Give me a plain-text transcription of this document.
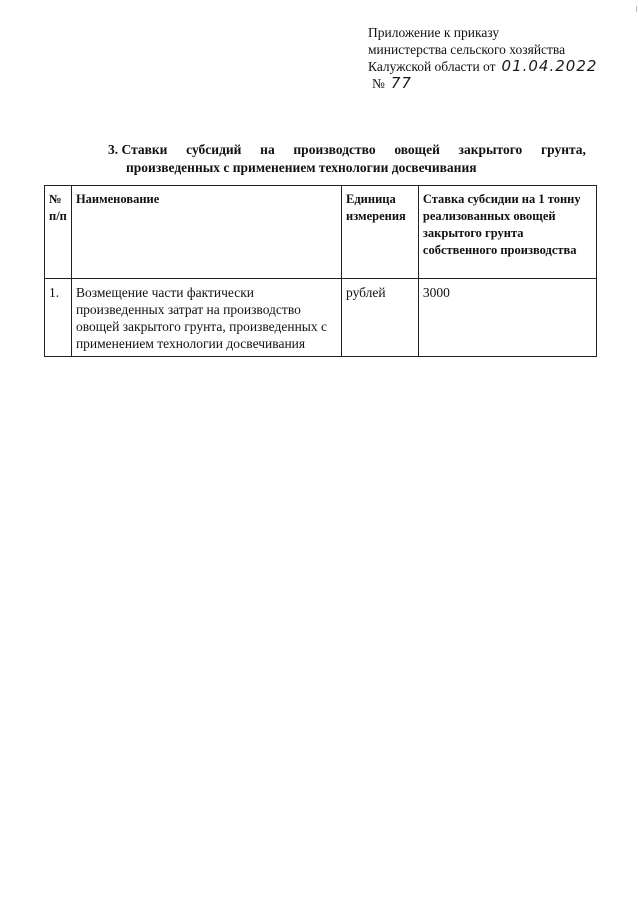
Приложение к приказу
министерства сельского хозяйства
Калужской области от 01.04.2022
№ 77
3. Ставки субсидий на производство овощей закрытого грунта,
произведенных с применением технологии досвечивания
№ п/п	Наименование	Единица измерения	Ставка субсидии на 1 тонну реализованных овощей закрытого грунта собственного производства
1.	Возмещение части фактически произведенных затрат на производство овощей закрытого грунта, произведенных с применением технологии досвечивания	рублей	3000
